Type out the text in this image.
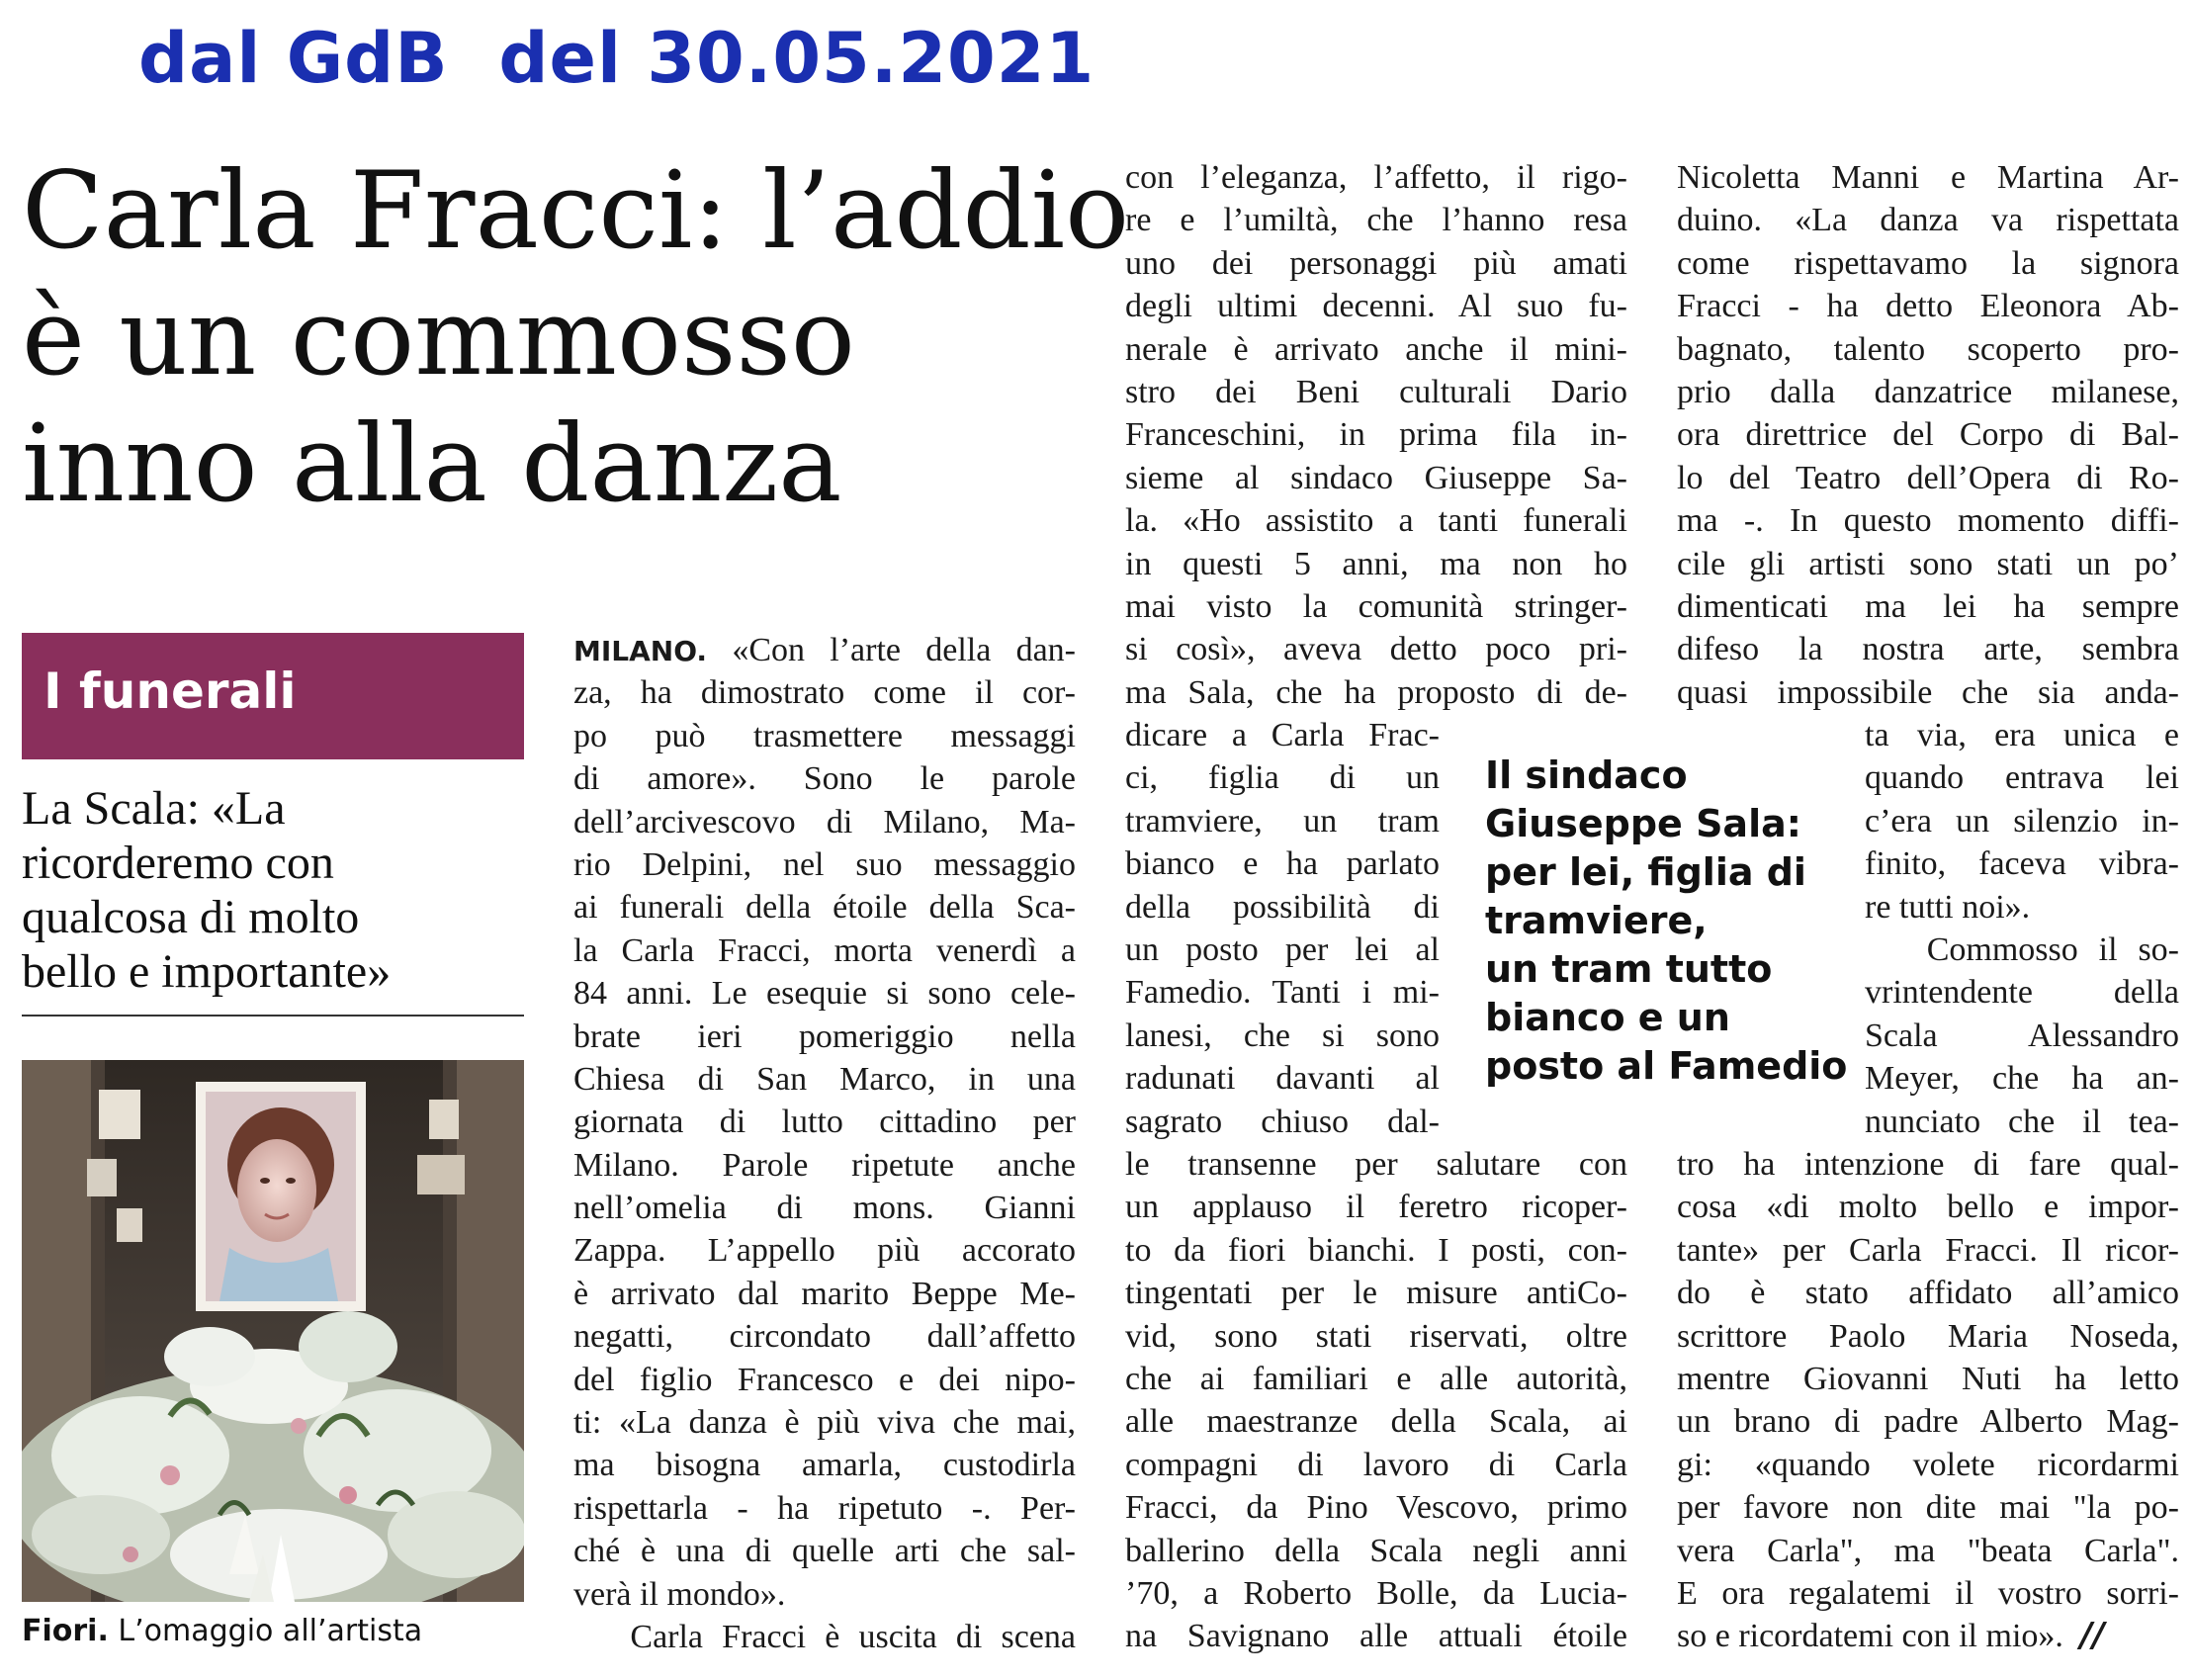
dal GdB  del 30.05.2021
Carla Fracci: l’addio
è un commosso
inno alla danza
I funerali
La Scala: «La
ricorderemo con
qualcosa di molto
bello e importante»
Fiori. L’omaggio all’artista
MILANO. «Con l’arte della dan-
za, ha dimostrato come il cor-
po può trasmettere messaggi
di amore». Sono le parole
dell’arcivescovo di Milano, Ma-
rio Delpini, nel suo messaggio
ai funerali della étoile della Sca-
la Carla Fracci, morta venerdì a
84 anni. Le esequie si sono cele-
brate ieri pomeriggio nella
Chiesa di San Marco, in una
giornata di lutto cittadino per
Milano. Parole ripetute anche
nell’omelia di mons. Gianni
Zappa. L’appello più accorato
è arrivato dal marito Beppe Me-
negatti, circondato dall’affetto
del figlio Francesco e dei nipo-
ti: «La danza è più viva che mai,
ma bisogna amarla, custodirla
rispettarla - ha ripetuto -. Per-
ché è una di quelle arti che sal-
verà il mondo».
Carla Fracci è uscita di scena
con l’eleganza, l’affetto, il rigo-
re e l’umiltà, che l’hanno resa
uno dei personaggi più amati
degli ultimi decenni. Al suo fu-
nerale è arrivato anche il mini-
stro dei Beni culturali Dario
Franceschini, in prima fila in-
sieme al sindaco Giuseppe Sa-
la. «Ho assistito a tanti funerali
in questi 5 anni, ma non ho
mai visto la comunità stringer-
si così», aveva detto poco pri-
ma Sala, che ha proposto di de-
dicare a Carla Frac-
ci, figlia di un
tramviere, un tram
bianco e ha parlato
della possibilità di
un posto per lei al
Famedio. Tanti i mi-
lanesi, che si sono
radunati davanti al
sagrato chiuso dal-
le transenne per salutare con
un applauso il feretro ricoper-
to da fiori bianchi. I posti, con-
tingentati per le misure antiCo-
vid, sono stati riservati, oltre
che ai familiari e alle autorità,
alle maestranze della Scala, ai
compagni di lavoro di Carla
Fracci, da Pino Vescovo, primo
ballerino della Scala negli anni
’70, a Roberto Bolle, da Lucia-
na Savignano alle attuali étoile
Il sindaco
Giuseppe Sala:
per lei, figlia di
tramviere,
un tram tutto
bianco e un
posto al Famedio
Nicoletta Manni e Martina Ar-
duino. «La danza va rispettata
come rispettavamo la signora
Fracci - ha detto Eleonora Ab-
bagnato, talento scoperto pro-
prio dalla danzatrice milanese,
ora direttrice del Corpo di Bal-
lo del Teatro dell’Opera di Ro-
ma -. In questo momento diffi-
cile gli artisti sono stati un po’
dimenticati ma lei ha sempre
difeso la nostra arte, sembra
quasi impossibile che sia anda-
ta via, era unica e
quando entrava lei
c’era un silenzio in-
finito, faceva vibra-
re tutti noi».
Commosso il so-
vrintendente della
Scala Alessandro
Meyer, che ha an-
nunciato che il tea-
tro ha intenzione di fare qual-
cosa «di molto bello e impor-
tante» per Carla Fracci. Il ricor-
do è stato affidato all’amico
scrittore Paolo Maria Noseda,
mentre Giovanni Nuti ha letto
un brano di padre Alberto Mag-
gi: «quando volete ricordarmi
per favore non dite mai "la po-
vera Carla", ma "beata Carla".
E ora regalatemi il vostro sorri-
so e ricordatemi con il mio». //
